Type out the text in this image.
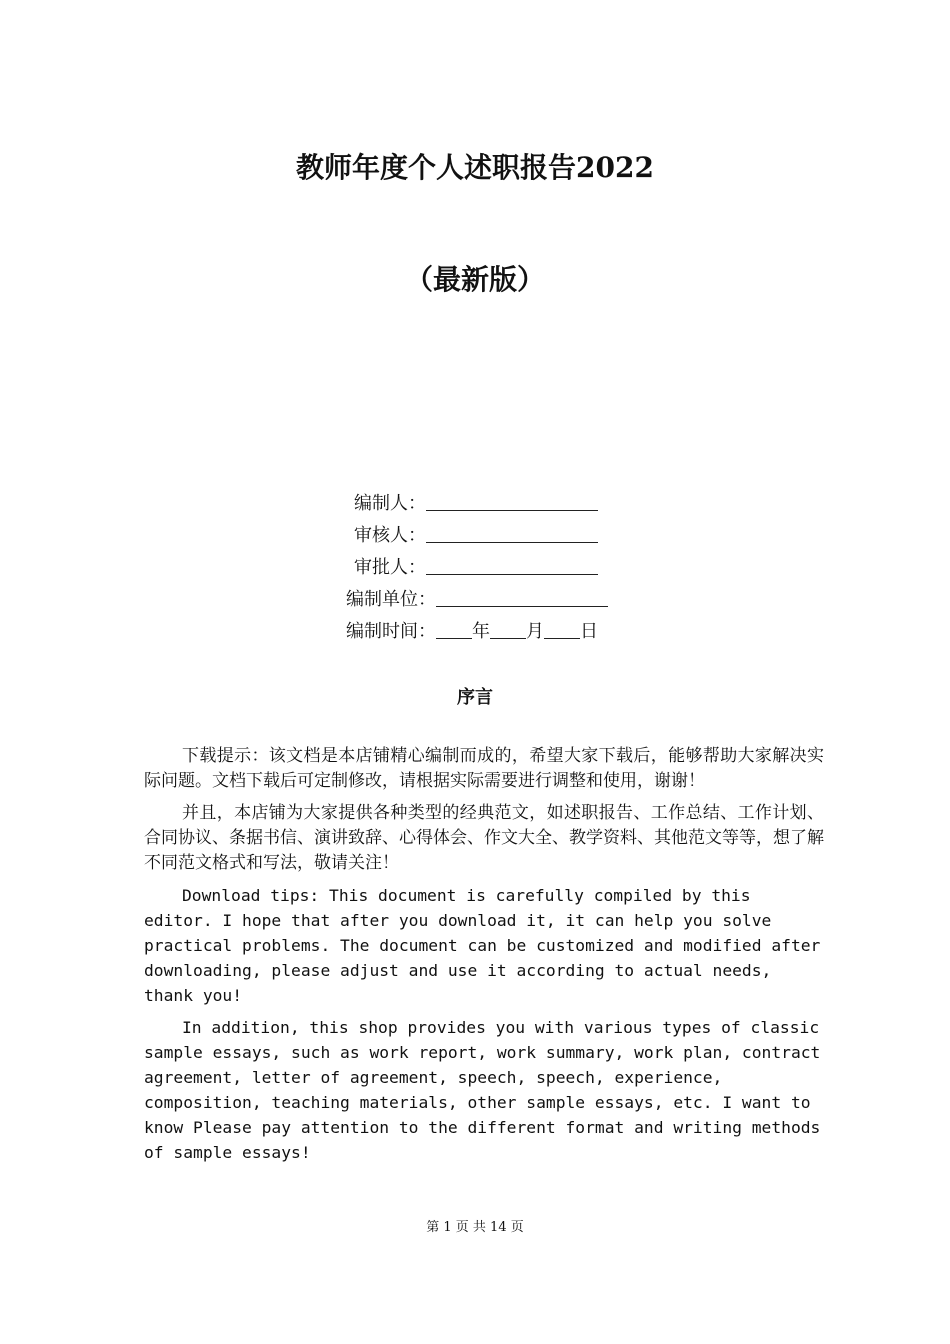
教师年度个人述职报告2022
（最新版）
编制人：
审核人：
审批人：
编制单位：
编制时间： 年 月 日
序言

下载提示：该文档是本店铺精心编制而成的，希望大家下载后，能够帮助大家解决实际问题。文档下载后可定制修改，请根据实际需要进行调整和使用，谢谢！

并且，本店铺为大家提供各种类型的经典范文，如述职报告、工作总结、工作计划、合同协议、条据书信、演讲致辞、心得体会、作文大全、教学资料、其他范文等等，想了解不同范文格式和写法，敬请关注！

Download tips: This document is carefully compiled by this editor. I hope that after you download it, it can help you solve practical problems. The document can be customized and modified after downloading, please adjust and use it according to actual needs, thank you!

In addition, this shop provides you with various types of classic sample essays, such as work report, work summary, work plan, contract agreement, letter of agreement, speech, speech, experience, composition, teaching materials, other sample essays, etc. I want to know Please pay attention to the different format and writing methods of sample essays!

第 1 页 共 14 页
